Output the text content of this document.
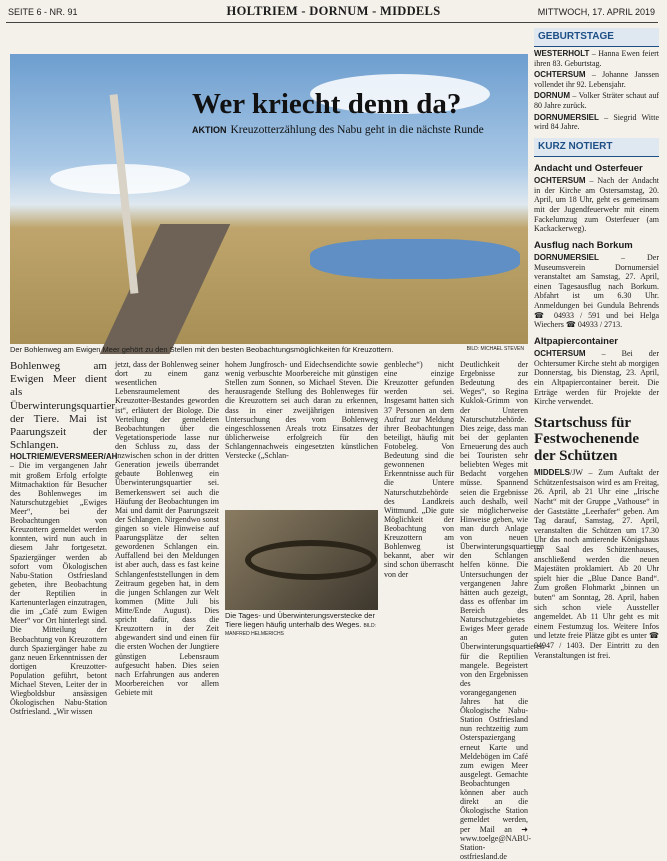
SEITE 6 - NR. 91	HOLTRIEM - DORNUM - MIDDELS	MITTWOCH, 17. APRIL 2019
Wer kriecht denn da?
AKTION Kreuzotterzählung des Nabu geht in die nächste Runde
Der Bohlenweg am Ewigen Meer gehört zu den Stellen mit den besten Beobachtungsmöglichkeiten für Kreuzottern.	BILD: MICHAEL STEVEN

Bohlenweg am Ewigen Meer dient als Überwinterungsquartier der Tiere. Mai ist Paarungszeit der Schlangen.

HOLTRIEM/EVERSMEER/AH – Die im vergangenen Jahr mit großem Erfolg erfolgte Mitmachaktion für Besucher des Bohlenweges im Naturschutzgebiet „Ewiges Meer“, bei der Beobachtungen von Kreuzottern gemeldet werden konnten, wird nun auch in diesem Jahr fortgesetzt. Spaziergänger werden ab sofort vom Ökologischen Nabu-Station Ostfriesland gebeten, ihre Beobachtung der Reptilien in Kartenunterlagen einzutragen, die im „Café zum Ewigen Meer“ vor Ort hinterlegt sind. Die Mitteilung der Beobachtung von Kreuzottern durch Spaziergänger habe zu ganz neuen Erkenntnissen der dortigen Kreuzotter-Population geführt, betont Michael Steven, Leiter der in Wiegboldsbur ansässigen Ökologischen Nabu-Station Ostfriesland. „Wir wissen

jetzt, dass der Bohlenweg seiner dort zu einem ganz wesentlichen Lebensraumelement des Kreuzotter-Bestandes geworden ist“, erläutert der Biologe. Die Verteilung der gemeldeten Beobachtungen über die Vegetationsperiode lasse nur den Schluss zu, dass der inzwischen schon in der dritten Generation jeweils überrandet gebaute Bohlenweg ein Überwinterungsquartier sei. Bemerkenswert sei auch die Häufung der Beobachtungen im Mai und damit der Paarungszeit der Schlangen. Nirgendwo sonst gingen so viele Hinweise auf Paarungsplätze der selten gewordenen Schlangen ein. Auffallend bei den Meldungen ist aber auch, dass es fast keine Schlangenfeststellungen in dem Zeitraum gegeben hat, in dem die jungen Schlangen zur Welt kommen (Mitte Juli bis Mitte/Ende August). Dies spricht dafür, dass die Kreuzottern in der Zeit abgewandert sind und einen für die ersten Wochen der Jungtiere günstigen Lebensraum aufgesucht haben. Dies seien nach Erfahrungen aus anderen Moorbereichen vor allem Gebiete mit

hohem Jungfrosch- und Eidechsendichte sowie wenig verbuschte Moorbereiche mit günstigen Stellen zum Sonnen, so Michael Steven. Die herausragende Stellung des Bohlenweges für die Kreuzottern sei auch daran zu erkennen, dass in einer zweijährigen intensiven Untersuchung des vom Bohlenweg eingeschlossenen Areals trotz Einsatzes der üblicherweise erfolgreich für den Schlangennachweis eingesetzten künstlichen Verstecke („Schlan-

Die Tages- und Überwinterungsverstecke der Tiere liegen häufig unterhalb des Weges. BILD: MANFRED HELMERICHS

genbleche“) nicht eine einzige Kreuzotter gefunden werden sei. Insgesamt hatten sich 37 Personen an dem Aufruf zur Meldung ihrer Beobachtungen beteiligt, häufig mit Fotobeleg. Von Bedeutung sind die gewonnenen Erkenntnisse auch für die Untere Naturschutzbehörde des Landkreis Wittmund. „Die gute Möglichkeit der Beobachtung von Kreuzottern am Bohlenweg ist bekannt, aber wir sind schon überrascht von der

Deutlichkeit der Ergebnisse zur Bedeutung des Weges“, so Regina Kuklok-Grimm von der Unteren Naturschutzbehörde. Dies zeige, dass man bei der geplanten Erneuerung des auch bei Touristen sehr beliebten Weges mit Bedacht vorgehen müsse. Spannend seien die Ergebnisse auch deshalb, weil sie möglicherweise Hinweise geben, wie man durch Anlage von neuen Überwinterungsquartieren den Schlangen helfen könne. Die Untersuchungen der vergangenen Jahre hätten auch gezeigt, dass es offenbar im Bereich des Naturschutzgebietes Ewiges Meer gerade an guten Überwinterungsquartieren für die Reptilien mangele. Begeistert von den Ergebnissen des vorangegangenen Jahres hat die Ökologische Nabu-Station Ostfriesland nun rechtzeitig zum Osterspaziergang erneut Karte und Meldebögen im Café zum ewigen Meer ausgelegt. Gemachte Beobachtungen können aber auch direkt an die Ökologische Station gemeldet werden, per Mail an ➜ www.toelge@NABU-Station-ostfriesland.de

GEBURTSTAGE

WESTERHOLT – Hanna Ewen feiert ihren 83. Geburtstag.

OCHTERSUM – Johanne Janssen vollendet ihr 92. Lebensjahr.

DORNUM – Volker Sträter schaut auf 80 Jahre zurück.

DORNUMERSIEL – Siegrid Witte wird 84 Jahre.

KURZ NOTIERT
Andacht und Osterfeuer

OCHTERSUM – Nach der Andacht in der Kirche am Ostersamstag, 20. April, um 18 Uhr, geht es gemeinsam mit der Jugendfeuerwehr mit einem Fackelumzug zum Osterfeuer (am Kackackerweg).

Ausflug nach Borkum

DORNUMERSIEL	– Der Museumsverein Dornumersiel veranstaltet am Samstag, 27. April, einen Tagesausflug nach Borkum. Abfahrt ist um 6.30 Uhr. Anmeldungen bei Gundula Behrends ☎ 04933 / 591 und bei Helga Wiechers ☎ 04933 / 2713.

Altpapiercontainer

OCHTERSUM – Bei der Ochtersumer Kirche steht ab morgigen Donnerstag, bis Dienstag, 23. April, ein Altpapiercontainer bereit. Die Erträge werden für Projekte der Kirche verwendet.

Startschuss für Festwochenende der Schützen

MIDDELS/JW – Zum Auftakt der Schützenfestsaison wird es am Freitag, 26. April, ab 21 Uhr eine „Irische Nacht“ mit der Gruppe „Vathouse“ in der Gaststätte „Leerhafer“ geben. Am Tag darauf, Samstag, 27. April, veranstalten die Schützen um 17.30 Uhr das noch amtierende Königshaus im Saal des Schützenhauses, anschließend werden die neuen Majestäten proklamiert. Ab 20 Uhr spielt hier die „Blue Dance Band“. Zum großen Flohmarkt „binnen un buten“ am Sonntag, 28. April, haben sich schon viele Aussteller angemeldet. Ab 11 Uhr geht es mit einem Festumzug los. Weitere Infos und letzte freie Plätze gibt es unter ☎ 04947 / 1403. Der Eintritt zu den Veranstaltungen ist frei.
